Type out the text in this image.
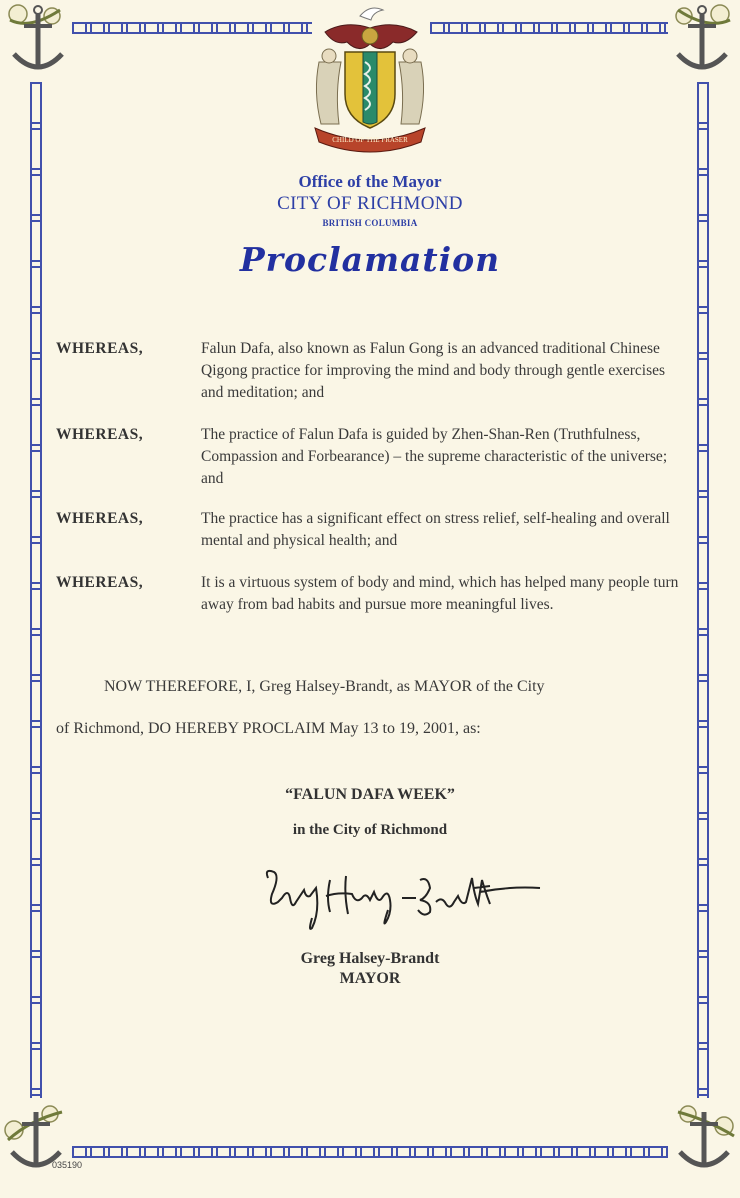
CHILD OF THE FRASER
Office of the Mayor
CITY OF RICHMOND
BRITISH COLUMBIA
Proclamation
WHEREAS,	Falun Dafa, also known as Falun Gong is an advanced traditional Chinese Qigong practice for improving the mind and body through gentle exercises and meditation; and
WHEREAS,	The practice of Falun Dafa is guided by Zhen-Shan-Ren (Truthfulness, Compassion and Forbearance) – the supreme characteristic of the universe; and
WHEREAS,	The practice has a significant effect on stress relief, self-healing and overall mental and physical health; and
WHEREAS,	It is a virtuous system of body and mind, which has helped many people turn away from bad habits and pursue more meaningful lives.
NOW THEREFORE, I, Greg Halsey-Brandt, as MAYOR of the City
of Richmond, DO HEREBY PROCLAIM May 13 to 19, 2001, as:
“FALUN DAFA WEEK”
in the City of Richmond
Greg Halsey-Brandt
MAYOR
035190
